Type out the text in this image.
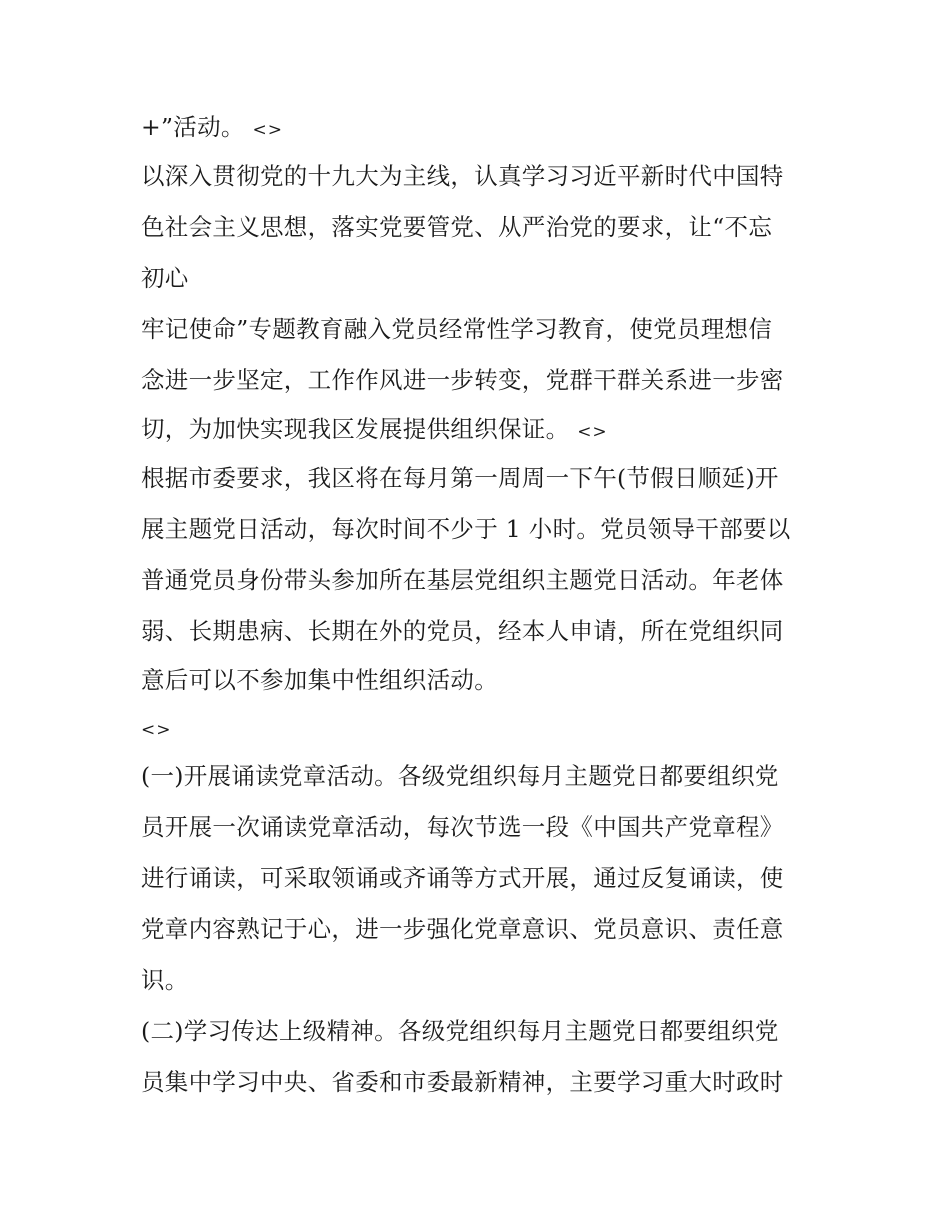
+”活动。 <>
以深入贯彻党的十九大为主线，认真学习习近平新时代中国特
色社会主义思想，落实党要管党、从严治党的要求，让“不忘
初心
牢记使命”专题教育融入党员经常性学习教育，使党员理想信
念进一步坚定，工作作风进一步转变，党群干群关系进一步密
切，为加快实现我区发展提供组织保证。 <>
根据市委要求，我区将在每月第一周周一下午(节假日顺延)开
展主题党日活动，每次时间不少于 1 小时。党员领导干部要以
普通党员身份带头参加所在基层党组织主题党日活动。年老体
弱、长期患病、长期在外的党员，经本人申请，所在党组织同
意后可以不参加集中性组织活动。
<>
(一)开展诵读党章活动。各级党组织每月主题党日都要组织党
员开展一次诵读党章活动，每次节选一段《中国共产党章程》
进行诵读，可采取领诵或齐诵等方式开展，通过反复诵读，使
党章内容熟记于心，进一步强化党章意识、党员意识、责任意
识。
(二)学习传达上级精神。各级党组织每月主题党日都要组织党
员集中学习中央、省委和市委最新精神，主要学习重大时政时
